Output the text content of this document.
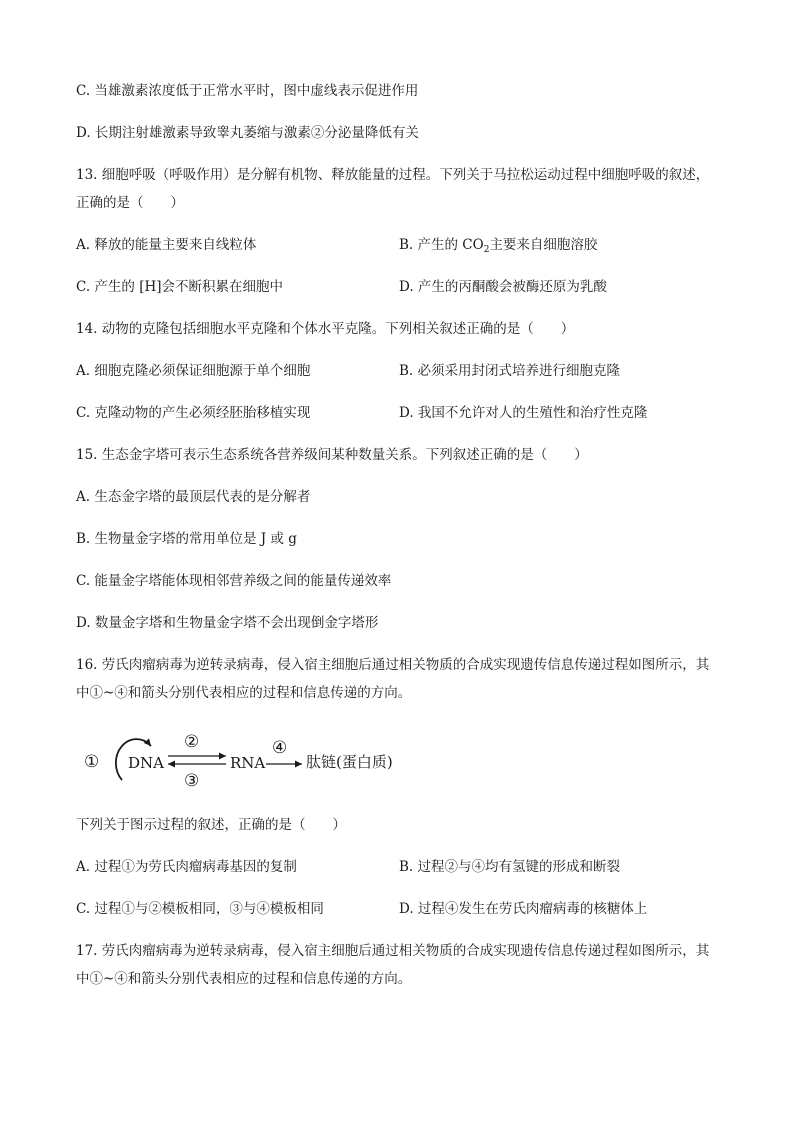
C. 当雄激素浓度低于正常水平时，图中虚线表示促进作用
D. 长期注射雄激素导致睾丸萎缩与激素②分泌量降低有关
13. 细胞呼吸（呼吸作用）是分解有机物、释放能量的过程。下列关于马拉松运动过程中细胞呼吸的叙述，
正确的是（　　）
A. 释放的能量主要来自线粒体	B. 产生的 $CO_2$主要来自细胞溶胶
C. 产生的 [H]会不断积累在细胞中	D. 产生的丙酮酸会被酶还原为乳酸
14. 动物的克隆包括细胞水平克隆和个体水平克隆。下列相关叙述正确的是（　　）
A. 细胞克隆必须保证细胞源于单个细胞	B. 必须采用封闭式培养进行细胞克隆
C. 克隆动物的产生必须经胚胎移植实现	D. 我国不允许对人的生殖性和治疗性克隆
15. 生态金字塔可表示生态系统各营养级间某种数量关系。下列叙述正确的是（　　）
A. 生态金字塔的最顶层代表的是分解者
B. 生物量金字塔的常用单位是 J 或 g
C. 能量金字塔能体现相邻营养级之间的能量传递效率
D. 数量金字塔和生物量金字塔不会出现倒金字塔形
16. 劳氏肉瘤病毒为逆转录病毒，侵入宿主细胞后通过相关物质的合成实现遗传信息传递过程如图所示，其
中①~④和箭头分别代表相应的过程和信息传递的方向。
① DNA
②
③
RNA
④
肽链(蛋白质)
下列关于图示过程的叙述，正确的是（　　）
A. 过程①为劳氏肉瘤病毒基因的复制	B. 过程②与④均有氢键的形成和断裂
C. 过程①与②模板相同，③与④模板相同	D. 过程④发生在劳氏肉瘤病毒的核糖体上
17. 劳氏肉瘤病毒为逆转录病毒，侵入宿主细胞后通过相关物质的合成实现遗传信息传递过程如图所示，其
中①~④和箭头分别代表相应的过程和信息传递的方向。
